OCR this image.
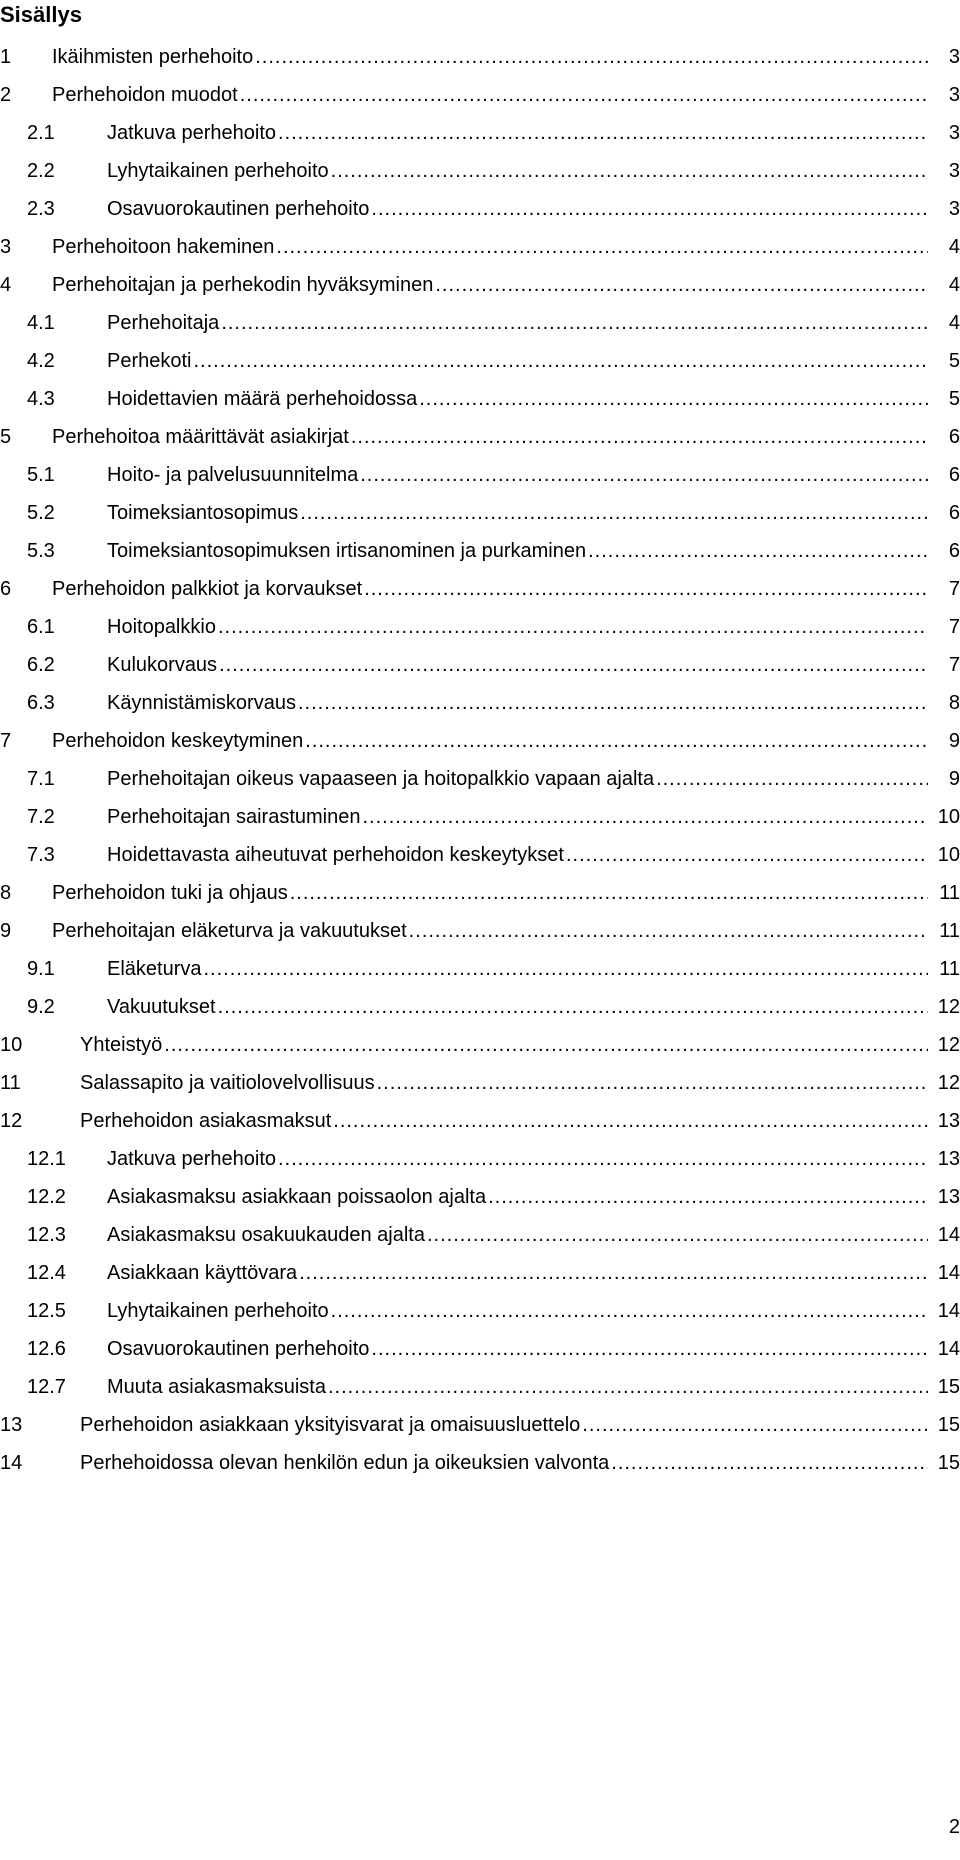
Sisällys
1	Ikäihmisten perhehoito .....	3
2	Perhehoidon muodot .....	3
2.1	Jatkuva perhehoito .....	3
2.2	Lyhytaikainen perhehoito .....	3
2.3	Osavuorokautinen perhehoito .....	3
3	Perhehoitoon hakeminen .....	4
4	Perhehoitajan ja perhekodin hyväksyminen .....	4
4.1	Perhehoitaja .....	4
4.2	Perhekoti .....	5
4.3	Hoidettavien määrä perhehoidossa .....	5
5	Perhehoitoa määrittävät asiakirjat .....	6
5.1	Hoito- ja palvelusuunnitelma .....	6
5.2	Toimeksiantosopimus .....	6
5.3	Toimeksiantosopimuksen irtisanominen ja purkaminen .....	6
6	Perhehoidon palkkiot ja korvaukset .....	7
6.1	Hoitopalkkio .....	7
6.2	Kulukorvaus .....	7
6.3	Käynnistämiskorvaus .....	8
7	Perhehoidon keskeytyminen .....	9
7.1	Perhehoitajan oikeus vapaaseen ja hoitopalkkio vapaan ajalta .....	9
7.2	Perhehoitajan sairastuminen .....	10
7.3	Hoidettavasta aiheutuvat perhehoidon keskeytykset .....	10
8	Perhehoidon tuki ja ohjaus .....	11
9	Perhehoitajan eläketurva ja vakuutukset .....	11
9.1	Eläketurva .....	11
9.2	Vakuutukset .....	12
10	Yhteistyö .....	12
11	Salassapito ja vaitiolovelvollisuus .....	12
12	Perhehoidon asiakasmaksut .....	13
12.1	Jatkuva perhehoito .....	13
12.2	Asiakasmaksu asiakkaan poissaolon ajalta .....	13
12.3	Asiakasmaksu osakuukauden ajalta .....	14
12.4	Asiakkaan käyttövara .....	14
12.5	Lyhytaikainen perhehoito .....	14
12.6	Osavuorokautinen perhehoito .....	14
12.7	Muuta asiakasmaksuista .....	15
13	Perhehoidon asiakkaan yksityisvarat ja omaisuusluettelo .....	15
14	Perhehoidossa olevan henkilön edun ja oikeuksien valvonta .....	15
2
